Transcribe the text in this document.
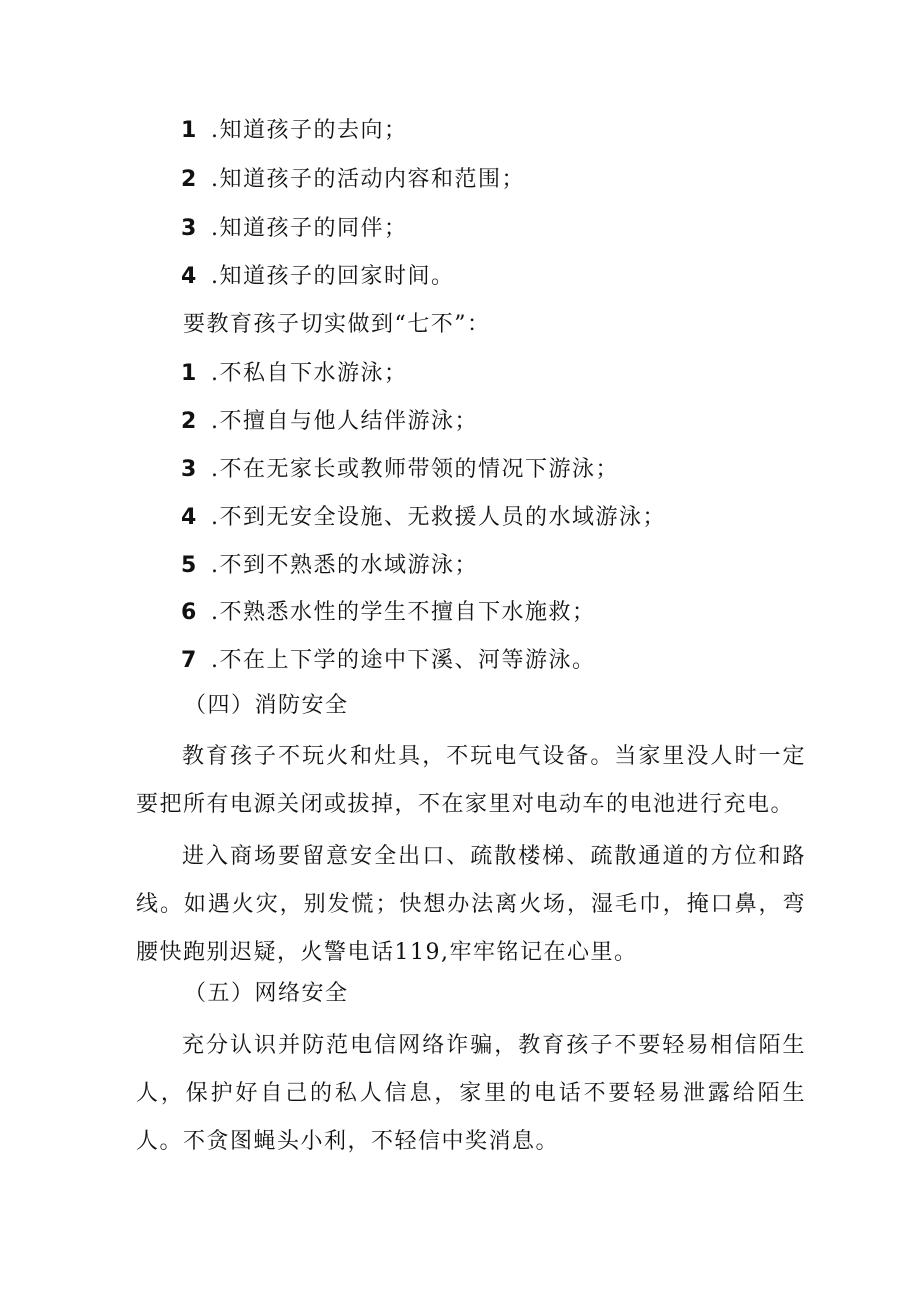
1 .知道孩子的去向；
2 .知道孩子的活动内容和范围；
3 .知道孩子的同伴；
4 .知道孩子的回家时间。
要教育孩子切实做到“七不”：
1 .不私自下水游泳；
2 .不擅自与他人结伴游泳；
3 .不在无家长或教师带领的情况下游泳；
4 .不到无安全设施、无救援人员的水域游泳；
5 .不到不熟悉的水域游泳；
6 .不熟悉水性的学生不擅自下水施救；
7 .不在上下学的途中下溪、河等游泳。
（四）消防安全
教育孩子不玩火和灶具，不玩电气设备。当家里没人时一定要把所有电源关闭或拔掉，不在家里对电动车的电池进行充电。
进入商场要留意安全出口、疏散楼梯、疏散通道的方位和路线。如遇火灾，别发慌；快想办法离火场，湿毛巾，掩口鼻，弯腰快跑别迟疑，火警电话119,牢牢铭记在心里。
（五）网络安全
充分认识并防范电信网络诈骗，教育孩子不要轻易相信陌生人，保护好自己的私人信息，家里的电话不要轻易泄露给陌生人。不贪图蝇头小利，不轻信中奖消息。
